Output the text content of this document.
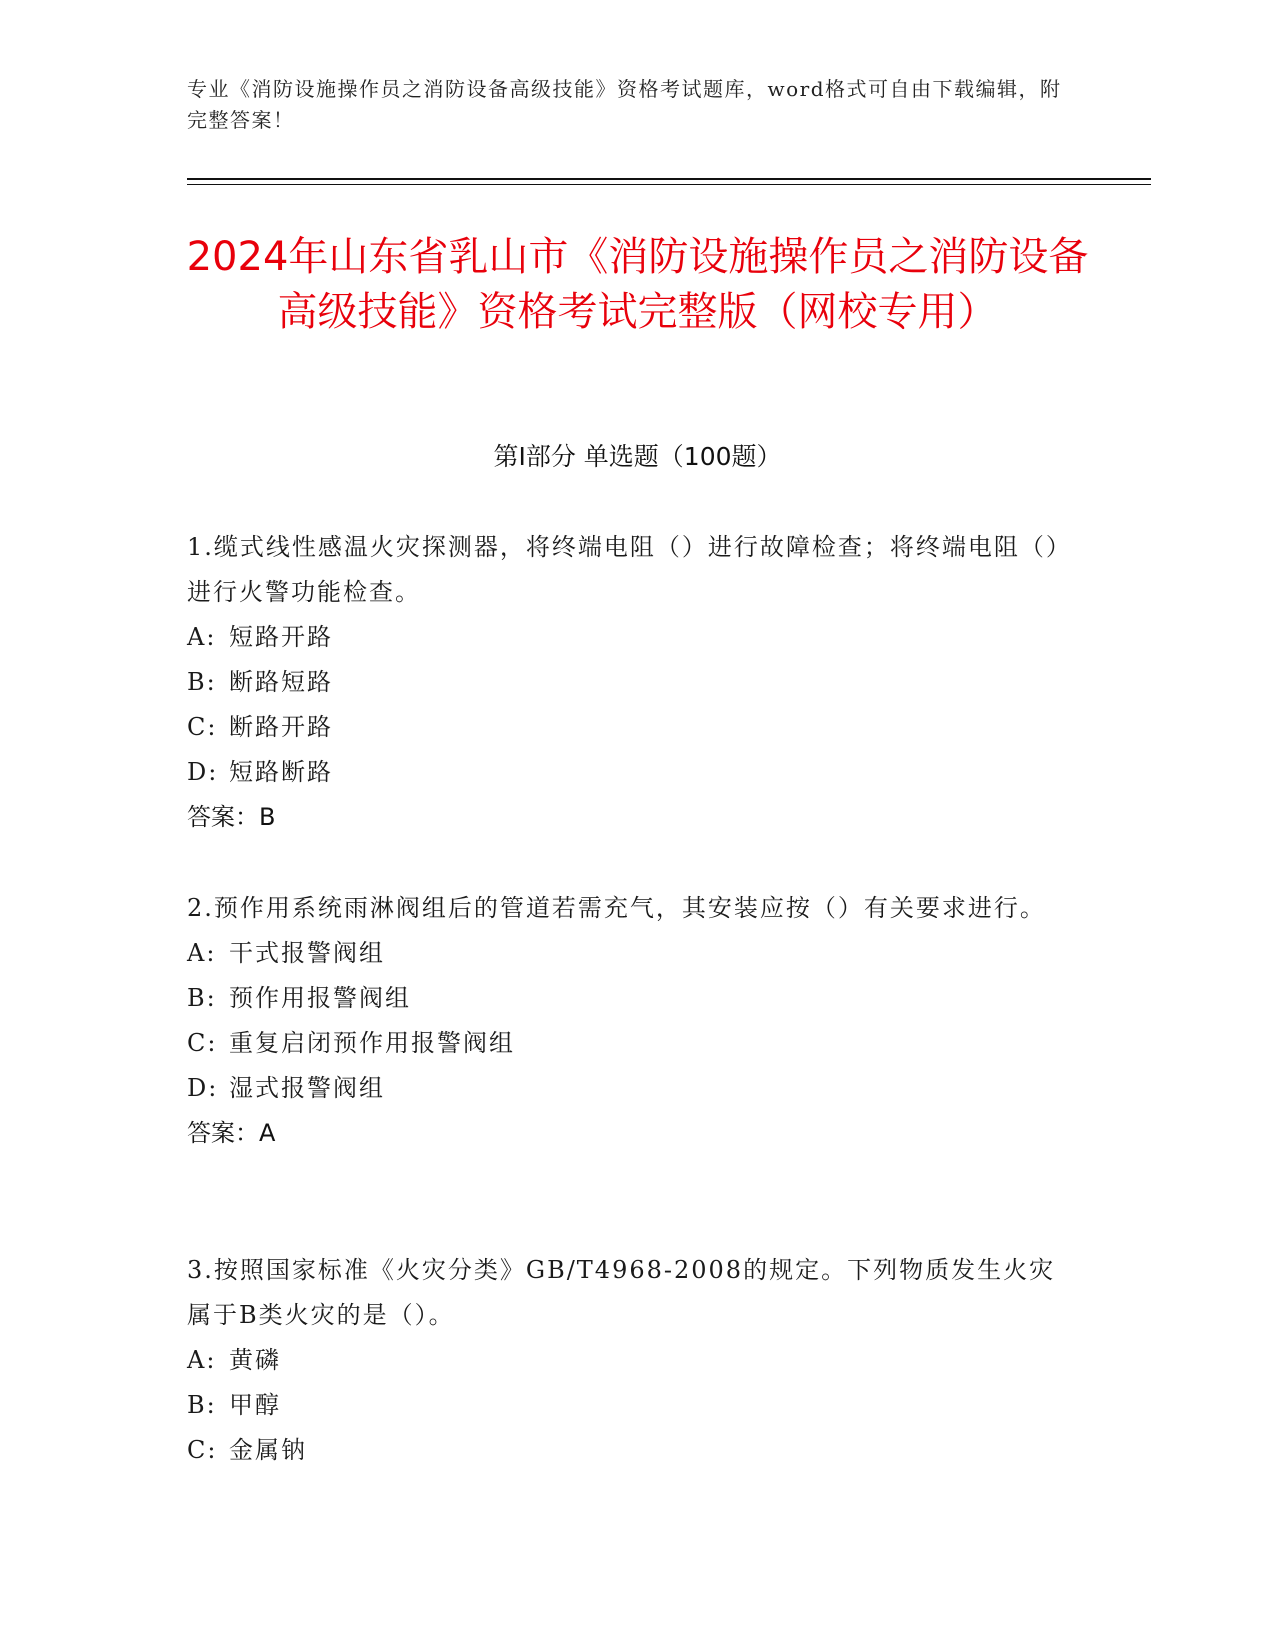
专业《消防设施操作员之消防设备高级技能》资格考试题库，word格式可自由下载编辑，附完整答案！
2024年山东省乳山市《消防设施操作员之消防设备高级技能》资格考试完整版（网校专用）
第I部分 单选题（100题）

1.缆式线性感温火灾探测器，将终端电阻（）进行故障检查；将终端电阻（）进行火警功能检查。

A: 短路开路

B: 断路短路

C: 断路开路

D: 短路断路

答案：B

2.预作用系统雨淋阀组后的管道若需充气，其安装应按（）有关要求进行。

A: 干式报警阀组

B: 预作用报警阀组

C: 重复启闭预作用报警阀组

D: 湿式报警阀组

答案：A

3.按照国家标准《火灾分类》GB/T4968-2008的规定。下列物质发生火灾属于B类火灾的是（）。

A: 黄磷

B: 甲醇

C: 金属钠
